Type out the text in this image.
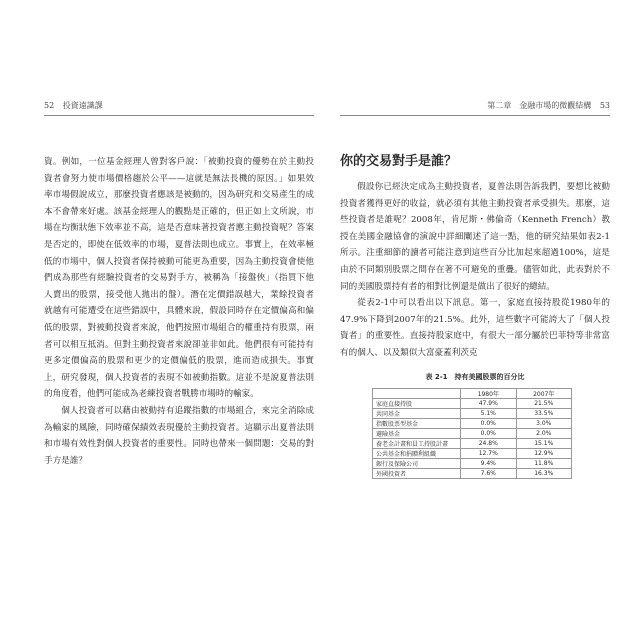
52 投資遠識課

資。例如，一位基金經理人曾對客戶說：「被動投資的優勢在於主動投資者會努力使市場價格趨於公平——這就是無法長機的原因。」如果效率市場假說成立，那麼投資者應該是被動的，因為研究和交易產生的成本不會帶來好處。該基金經理人的觀點是正確的，但正如上文所說，市場在均衡狀態下效率並不高，這是否意味著投資者應主動投資呢？答案是否定的，即使在低效率的市場，夏普法則也成立。事實上，在效率極低的市場中，個人投資者保持被動可能更為重要，因為主動投資會使他們成為那些有經驗投資者的交易對手方，被稱為「接盤俠」（指買下他人賣出的股票，接受他人拋出的盤）。潛在定價錯誤越大，業餘投資者就越有可能遭受在這些錯誤中，具體來說，假設同時存在定價偏高和偏低的股票，對被動投資者來說，他們按照市場組合的權重持有股票，兩者可以相互抵消。但對主動投資者來說卻並非如此。他們很有可能持有更多定價偏高的股票和更少的定價偏低的股票，進而造成損失。事實上，研究發現，個人投資者的表現不如被動指數。這並不是說夏普法則的角度看，他們可能成為老練投資者戰勝市場時的輸家。

個人投資者可以藉由被動持有追蹤指數的市場組合，來完全消除成為輸家的風險，同時確保績效表現優於主動投資者。這顯示出夏普法則和市場有效性對個人投資者的重要性。同時也帶來一個問題：交易的對手方是誰？

第二章　金融市場的微觀結構 53
你的交易對手是誰？

假設你已經決定成為主動投資者，夏普法則告訴我們，要想比被動投資者獲得更好的收益，就必須有其他主動投資者承受損失。那麼，這些投資者是誰呢？2008年，肯尼斯・佛倫奇（Kenneth French）教授在美國金融協會的演說中詳細闡述了這一點，他的研究結果如表2-1所示。注重細節的讀者可能注意到這些百分比加起來超過100%，這是由於不同類別股票之間存在著不可避免的重疊。儘管如此，此表對於不同的美國股票持有者的相對比例還是做出了很好的總結。

從表2-1中可以看出以下訊息。第一，家庭直接持股從1980年的47.9%下降到2007年的21.5%。此外，這些數字可能誇大了「個人投資者」的重要性。直接持股家庭中，有很大一部分屬於巴菲特等非常富有的個人、以及類似大富豪蓋利茨克

表 2-1　持有美國股票的百分比
	1980年	2007年
家庭直接持股	47.9%	21.5%
共同基金	5.1%	33.5%
指數股票型基金	0.0%	3.0%
避險基金	0.0%	2.0%
養老金計畫和員工持股計畫	24.8%	15.1%
公共基金和捐贈利組織	12.7%	12.9%
銀行及保險公司	9.4%	11.8%
外國投資者	7.6%	16.3%
